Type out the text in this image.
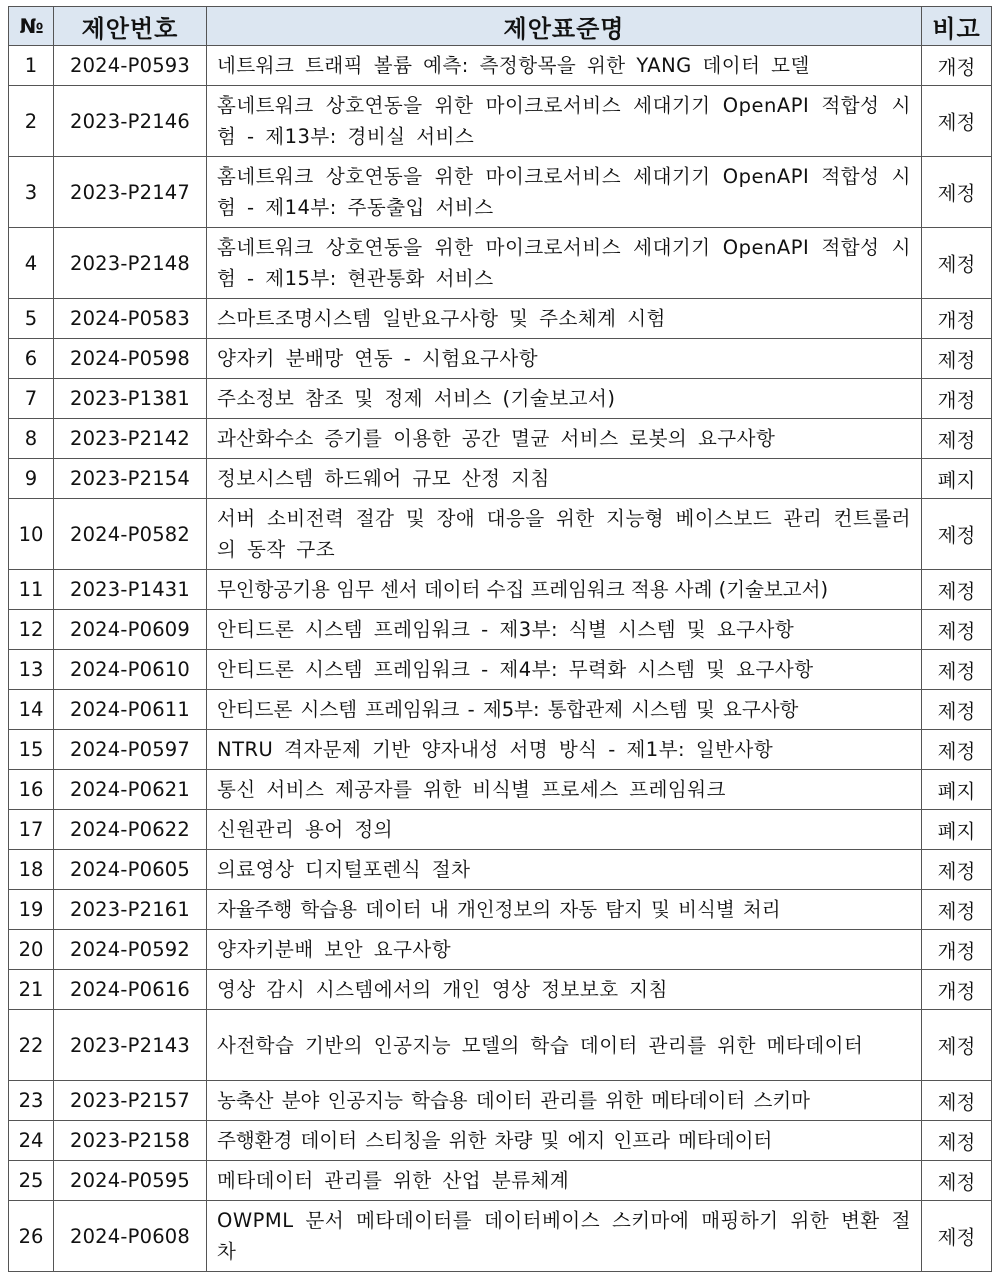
№	제안번호	제안표준명	비고
1	2024-P0593	네트워크 트래픽 볼륨 예측: 측정항목을 위한 YANG 데이터 모델	개정
2	2023-P2146	홈네트워크 상호연동을 위한 마이크로서비스 세대기기 OpenAPI 적합성 시험 - 제13부: 경비실 서비스	제정
3	2023-P2147	홈네트워크 상호연동을 위한 마이크로서비스 세대기기 OpenAPI 적합성 시험 - 제14부: 주동출입 서비스	제정
4	2023-P2148	홈네트워크 상호연동을 위한 마이크로서비스 세대기기 OpenAPI 적합성 시험 - 제15부: 현관통화 서비스	제정
5	2024-P0583	스마트조명시스템 일반요구사항 및 주소체계 시험	개정
6	2024-P0598	양자키 분배망 연동 - 시험요구사항	제정
7	2023-P1381	주소정보 참조 및 정제 서비스 (기술보고서)	개정
8	2023-P2142	과산화수소 증기를 이용한 공간 멸균 서비스 로봇의 요구사항	제정
9	2023-P2154	정보시스템 하드웨어 규모 산정 지침	폐지
10	2024-P0582	서버 소비전력 절감 및 장애 대응을 위한 지능형 베이스보드 관리 컨트롤러의 동작 구조	제정
11	2023-P1431	무인항공기용 임무 센서 데이터 수집 프레임워크 적용 사례 (기술보고서)	제정
12	2024-P0609	안티드론 시스템 프레임워크 - 제3부: 식별 시스템 및 요구사항	제정
13	2024-P0610	안티드론 시스템 프레임워크 - 제4부: 무력화 시스템 및 요구사항	제정
14	2024-P0611	안티드론 시스템 프레임워크 - 제5부: 통합관제 시스템 및 요구사항	제정
15	2024-P0597	NTRU 격자문제 기반 양자내성 서명 방식 - 제1부: 일반사항	제정
16	2024-P0621	통신 서비스 제공자를 위한 비식별 프로세스 프레임워크	폐지
17	2024-P0622	신원관리 용어 정의	폐지
18	2024-P0605	의료영상 디지털포렌식 절차	제정
19	2023-P2161	자율주행 학습용 데이터 내 개인정보의 자동 탐지 및 비식별 처리	제정
20	2024-P0592	양자키분배 보안 요구사항	개정
21	2024-P0616	영상 감시 시스템에서의 개인 영상 정보보호 지침	개정
22	2023-P2143	사전학습 기반의 인공지능 모델의 학습 데이터 관리를 위한 메타데이터	제정
23	2023-P2157	농축산 분야 인공지능 학습용 데이터 관리를 위한 메타데이터 스키마	제정
24	2023-P2158	주행환경 데이터 스티칭을 위한 차량 및 에지 인프라 메타데이터	제정
25	2024-P0595	메타데이터 관리를 위한 산업 분류체계	제정
26	2024-P0608	OWPML 문서 메타데이터를 데이터베이스 스키마에 매핑하기 위한 변환 절차	제정
